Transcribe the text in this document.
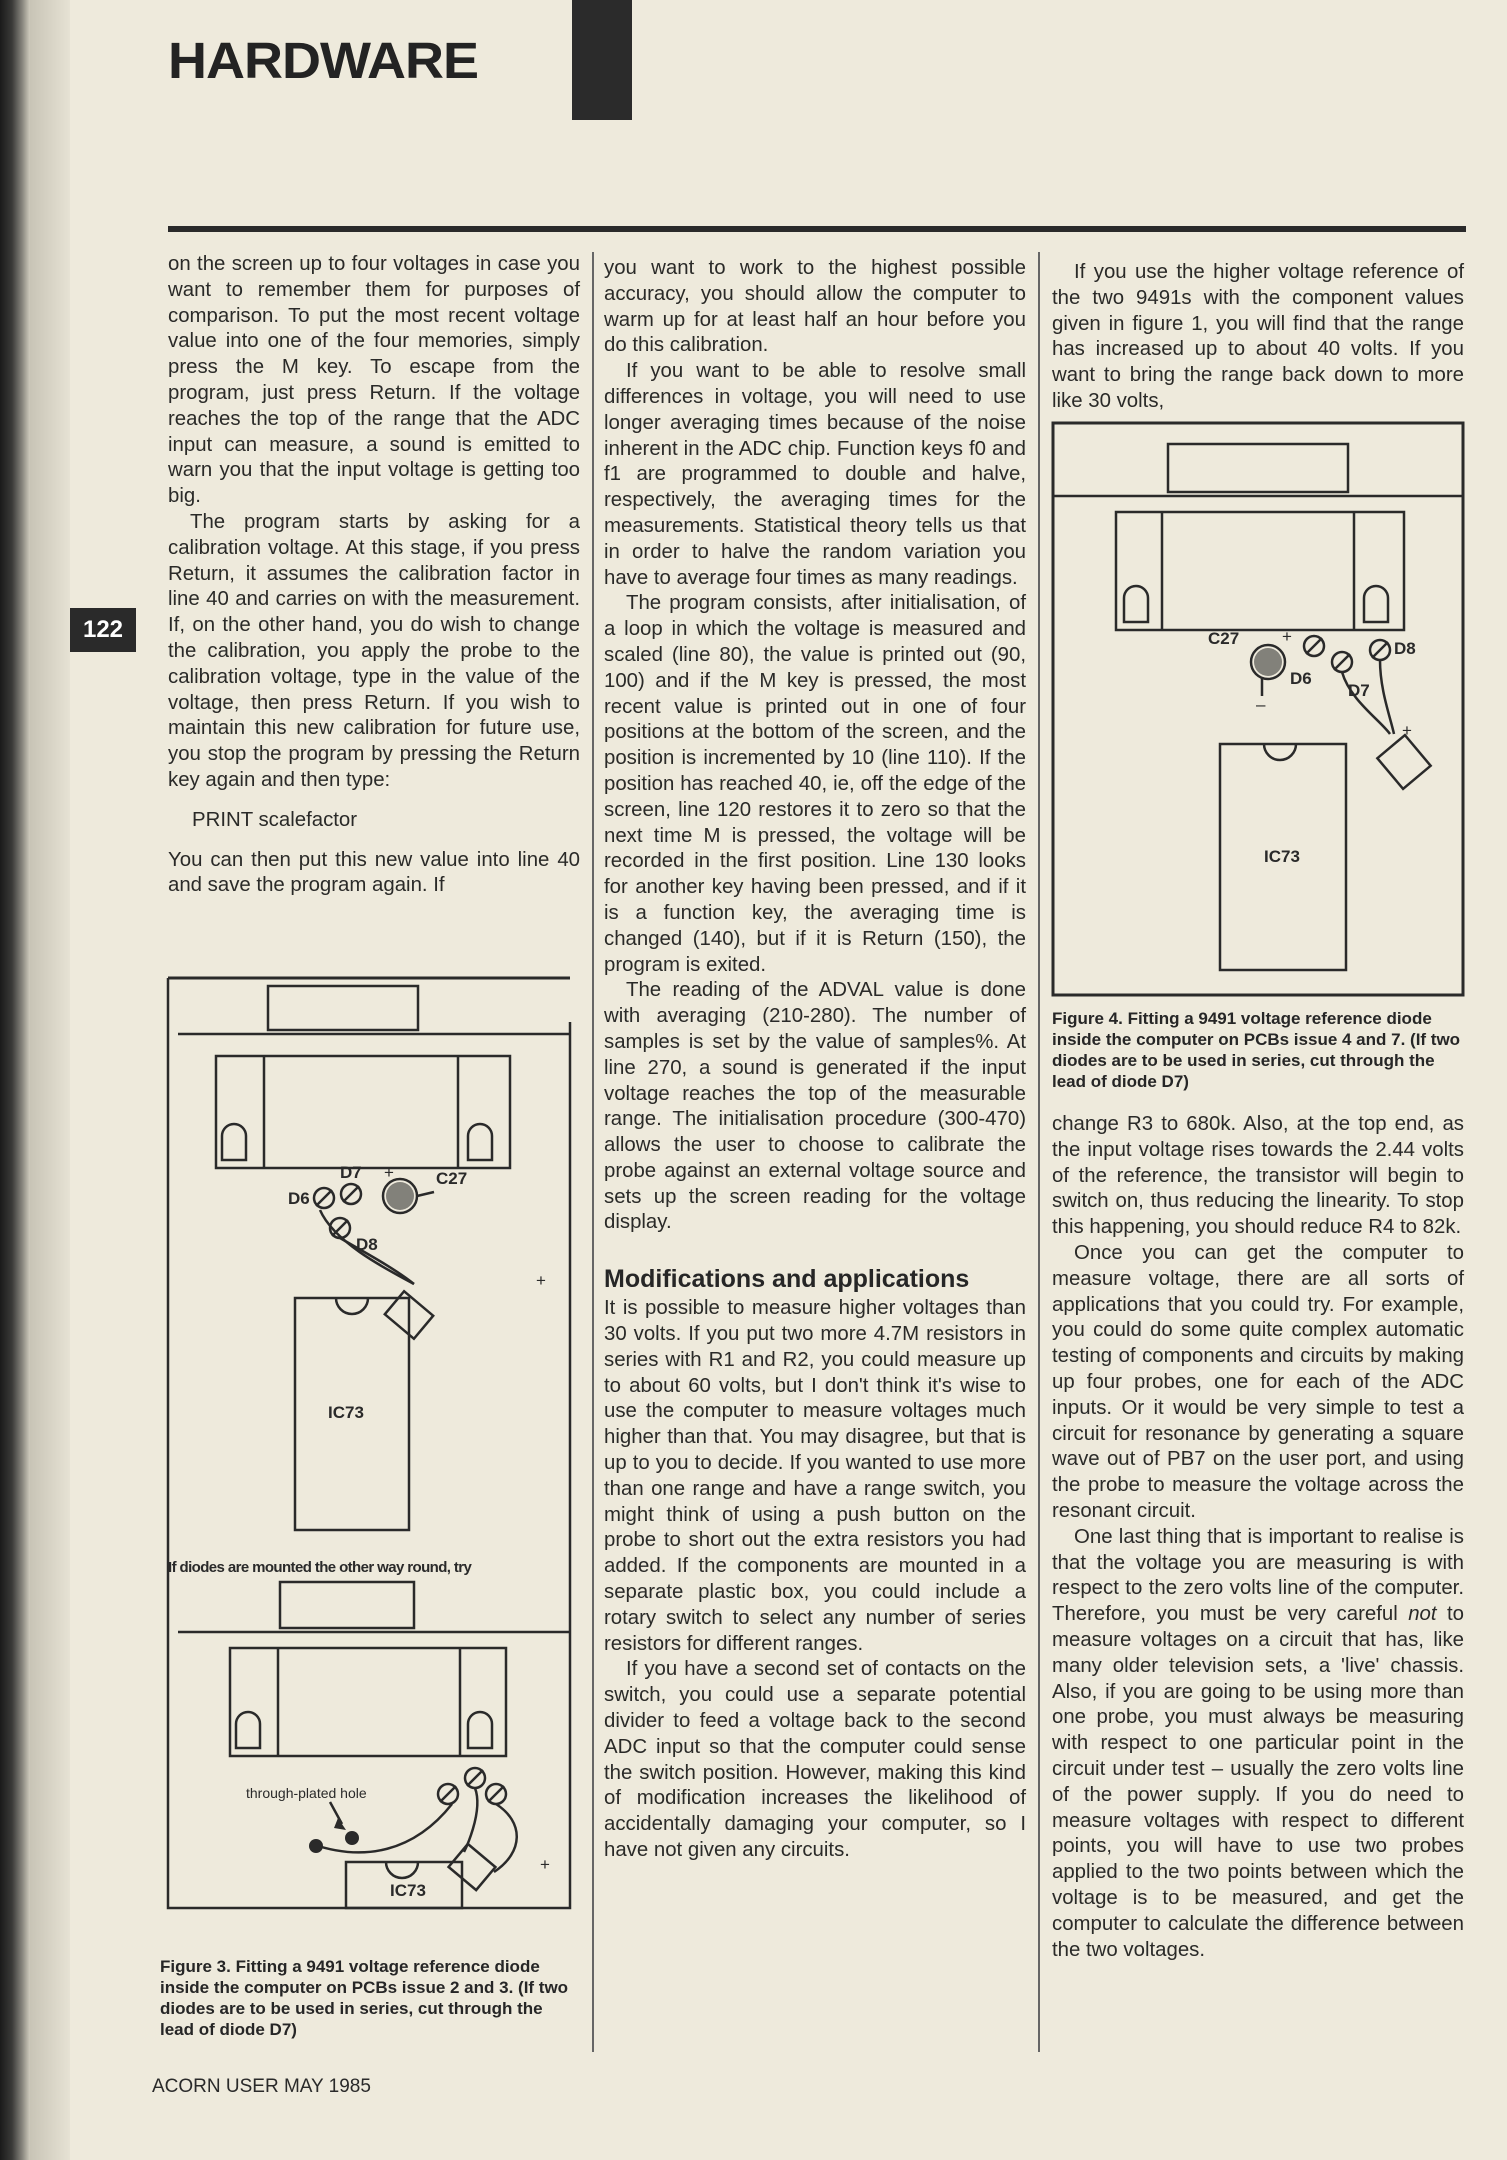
HARDWARE
122

on the screen up to four voltages in case you want to remember them for purposes of comparison. To put the most recent voltage value into one of the four memories, simply press the M key. To escape from the program, just press Return. If the voltage reaches the top of the range that the ADC input can measure, a sound is emitted to warn you that the input voltage is getting too big.

The program starts by asking for a calibration voltage. At this stage, if you press Return, it assumes the calibration factor in line 40 and carries on with the measurement. If, on the other hand, you do wish to change the calibration, you apply the probe to the calibration voltage, type in the value of the voltage, then press Return. If you wish to maintain this new calibration for future use, you stop the program by pressing the Return key again and then type:

PRINT scalefactor

You can then put this new value into line 40 and save the program again. If

D6
D7
D8
C27
+
+
IC73
IC73
+
through-plated hole
If diodes are mounted the other way round, try
Figure 3. Fitting a 9491 voltage reference diode inside the computer on PCBs issue 2 and 3. (If two diodes are to be used in series, cut through the lead of diode D7)

you want to work to the highest possible accuracy, you should allow the computer to warm up for at least half an hour before you do this calibration.

If you want to be able to resolve small differences in voltage, you will need to use longer averaging times because of the noise inherent in the ADC chip. Function keys f0 and f1 are programmed to double and halve, respectively, the averaging times for the measurements. Statistical theory tells us that in order to halve the random variation you have to average four times as many readings.

The program consists, after initialisation, of a loop in which the voltage is measured and scaled (line 80), the value is printed out (90, 100) and if the M key is pressed, the most recent value is printed out in one of four positions at the bottom of the screen, and the position is incremented by 10 (line 110). If the position has reached 40, ie, off the edge of the screen, line 120 restores it to zero so that the next time M is pressed, the voltage will be recorded in the first position. Line 130 looks for another key having been pressed, and if it is a function key, the averaging time is changed (140), but if it is Return (150), the program is exited.

The reading of the ADVAL value is done with averaging (210-280). The number of samples is set by the value of samples%. At line 270, a sound is generated if the input voltage reaches the top of the measurable range. The initialisation procedure (300-470) allows the user to choose to calibrate the probe against an external voltage source and sets up the screen reading for the voltage display.

Modifications and applications

It is possible to measure higher voltages than 30 volts. If you put two more 4.7M resistors in series with R1 and R2, you could measure up to about 60 volts, but I don't think it's wise to use the computer to measure voltages much higher than that. You may disagree, but that is up to you to decide. If you wanted to use more than one range and have a range switch, you might think of using a push button on the probe to short out the extra resistors you had added. If the components are mounted in a separate plastic box, you could include a rotary switch to select any number of series resistors for different ranges.

If you have a second set of contacts on the switch, you could use a separate potential divider to feed a voltage back to the second ADC input so that the computer could sense the switch position. However, making this kind of modification increases the likelihood of accidentally damaging your computer, so I have not given any circuits.

If you use the higher voltage reference of the two 9491s with the component values given in figure 1, you will find that the range has increased up to about 40 volts. If you want to bring the range back down to more like 30 volts,

C27	+
–
D6
D7
D8
+
IC73
Figure 4. Fitting a 9491 voltage reference diode inside the computer on PCBs issue 4 and 7. (If two diodes are to be used in series, cut through the lead of diode D7)

change R3 to 680k. Also, at the top end, as the input voltage rises towards the 2.44 volts of the reference, the transistor will begin to switch on, thus reducing the linearity. To stop this happening, you should reduce R4 to 82k.

Once you can get the computer to measure voltage, there are all sorts of applications that you could try. For example, you could do some quite complex automatic testing of components and circuits by making up four probes, one for each of the ADC inputs. Or it would be very simple to test a circuit for resonance by generating a square wave out of PB7 on the user port, and using the probe to measure the voltage across the resonant circuit.

One last thing that is important to realise is that the voltage you are measuring is with respect to the zero volts line of the computer. Therefore, you must be very careful not to measure voltages on a circuit that has, like many older television sets, a 'live' chassis. Also, if you are going to be using more than one probe, you must always be measuring with respect to one particular point in the circuit under test – usually the zero volts line of the power supply. If you do need to measure voltages with respect to different points, you will have to use two probes applied to the two points between which the voltage is to be measured, and get the computer to calculate the difference between the two voltages.

ACORN USER MAY 1985
